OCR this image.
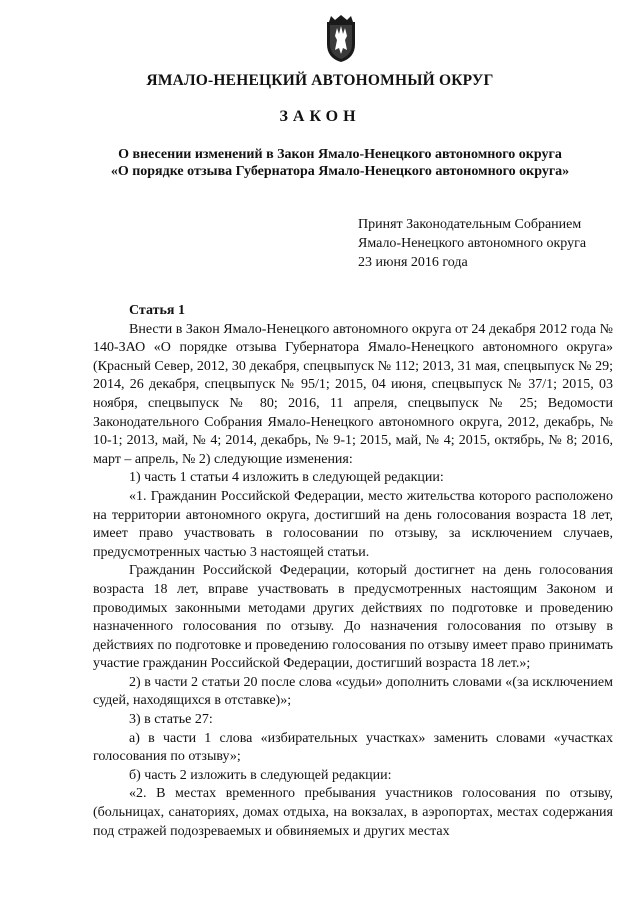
ЯМАЛО-НЕНЕЦКИЙ АВТОНОМНЫЙ ОКРУГ
ЗАКОН
О внесении изменений в Закон Ямало-Ненецкого автономного округа
«О порядке отзыва Губернатора Ямало-Ненецкого автономного округа»
Принят Законодательным Собранием
Ямало-Ненецкого автономного округа
23 июня 2016 года

Статья 1

Внести в Закон Ямало-Ненецкого автономного округа от 24 декабря 2012 года № 140-ЗАО «О порядке отзыва Губернатора Ямало-Ненецкого автономного округа» (Красный Север, 2012, 30 декабря, спецвыпуск № 112; 2013, 31 мая, спецвыпуск № 29; 2014, 26 декабря, спецвыпуск № 95/1; 2015, 04 июня, спецвыпуск № 37/1; 2015, 03 ноября, спецвыпуск № 80; 2016, 11 апреля, спецвыпуск № 25; Ведомости Законодательного Собрания Ямало-Ненецкого автономного округа, 2012, декабрь, № 10-1; 2013, май, № 4; 2014, декабрь, № 9-1; 2015, май, № 4; 2015, октябрь, № 8; 2016, март – апрель, № 2) следующие изменения:

1) часть 1 статьи 4 изложить в следующей редакции:

«1. Гражданин Российской Федерации, место жительства которого расположено на территории автономного округа, достигший на день голосования возраста 18 лет, имеет право участвовать в голосовании по отзыву, за исключением случаев, предусмотренных частью 3 настоящей статьи.

Гражданин Российской Федерации, который достигнет на день голосования возраста 18 лет, вправе участвовать в предусмотренных настоящим Законом и проводимых законными методами других действиях по подготовке и проведению назначенного голосования по отзыву. До назначения голосования по отзыву в действиях по подготовке и проведению голосования по отзыву имеет право принимать участие гражданин Российской Федерации, достигший возраста 18 лет.»;

2) в части 2 статьи 20 после слова «судьи» дополнить словами «(за исключением судей, находящихся в отставке)»;

3) в статье 27:

а) в части 1 слова «избирательных участках» заменить словами «участках голосования по отзыву»;

б) часть 2 изложить в следующей редакции:

«2. В местах временного пребывания участников голосования по отзыву, (больницах, санаториях, домах отдыха, на вокзалах, в аэропортах, местах содержания под стражей подозреваемых и обвиняемых и других местах
